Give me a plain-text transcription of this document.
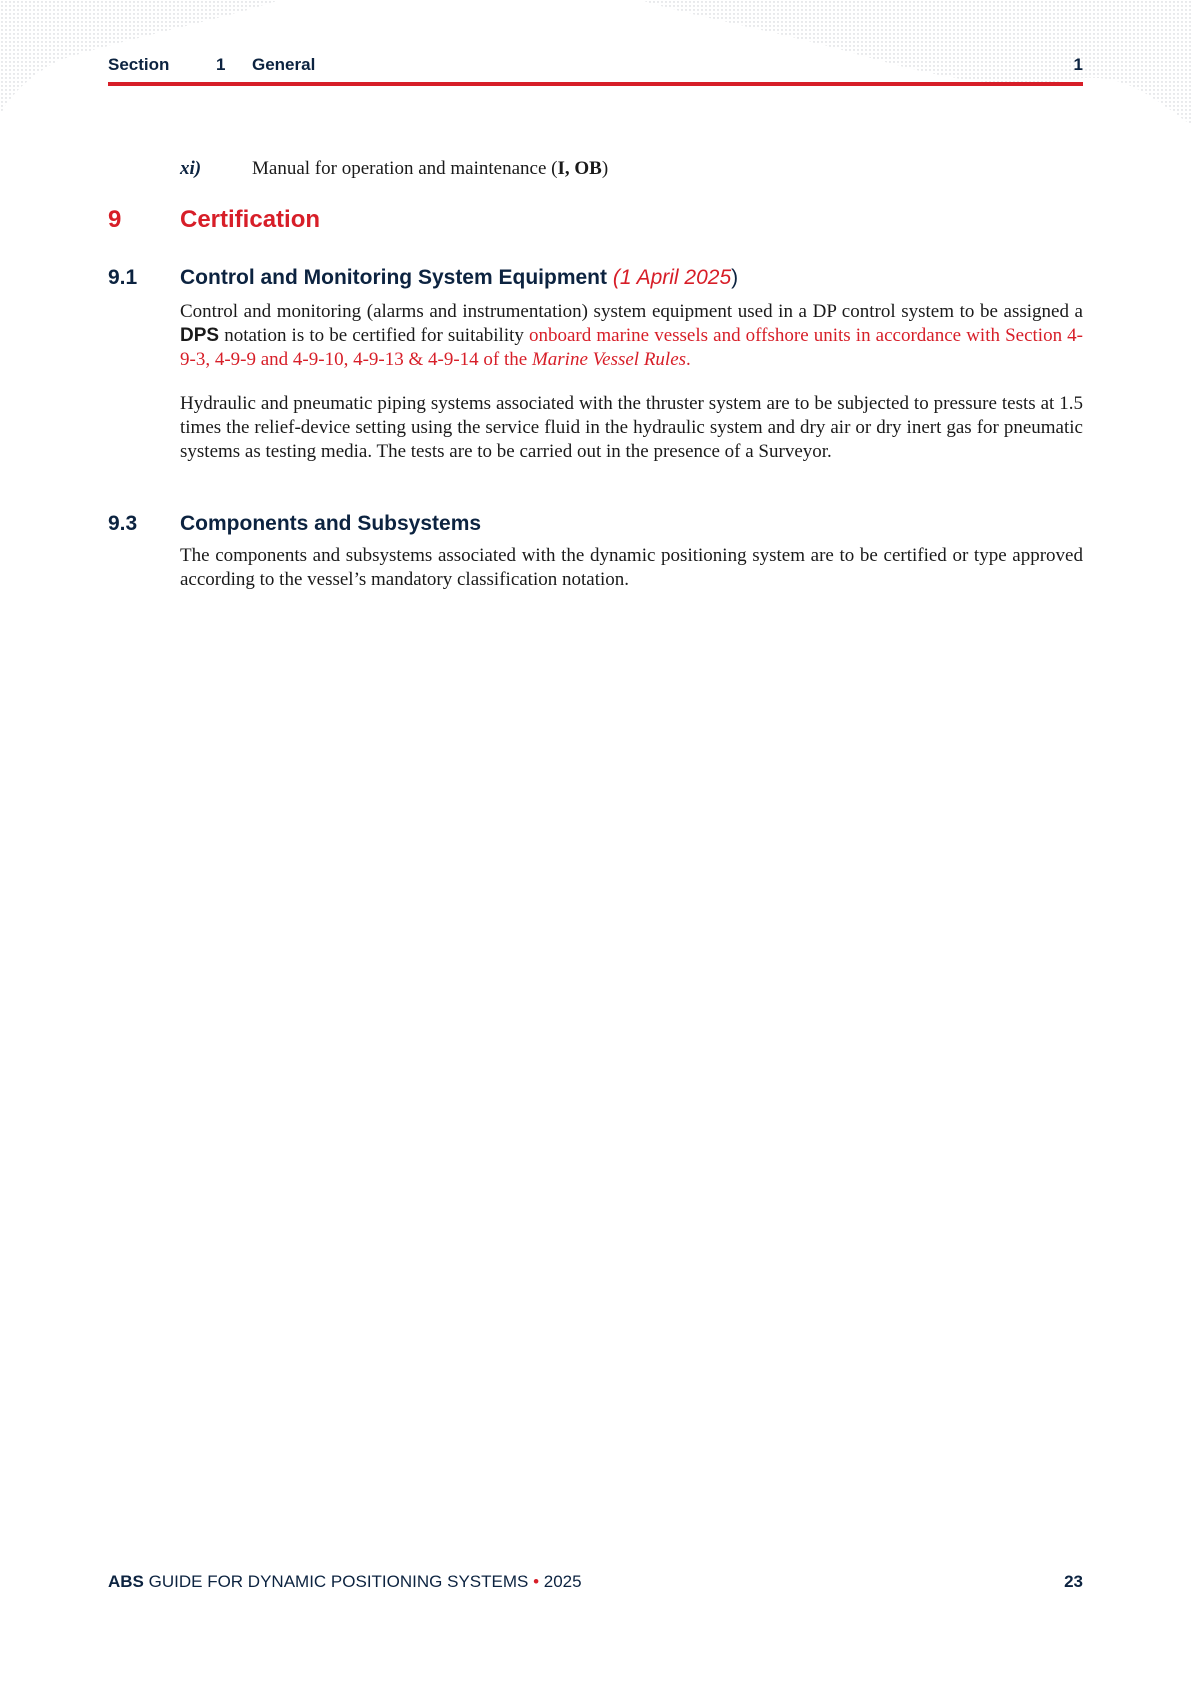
Section	1 General	1
xi)	Manual for operation and maintenance (I, OB)
9 Certification
9.1 Control and Monitoring System Equipment (1 April 2025)

Control and monitoring (alarms and instrumentation) system equipment used in a DP control system to be assigned a DPS notation is to be certified for suitability onboard marine vessels and offshore units in accordance with Section 4-9-3, 4-9-9 and 4-9-10, 4-9-13 & 4-9-14 of the Marine Vessel Rules.

Hydraulic and pneumatic piping systems associated with the thruster system are to be subjected to pressure tests at 1.5 times the relief-device setting using the service fluid in the hydraulic system and dry air or dry inert gas for pneumatic systems as testing media. The tests are to be carried out in the presence of a Surveyor.

9.3 Components and Subsystems

The components and subsystems associated with the dynamic positioning system are to be certified or type approved according to the vessel’s mandatory classification notation.

ABS GUIDE FOR DYNAMIC POSITIONING SYSTEMS • 2025	23
